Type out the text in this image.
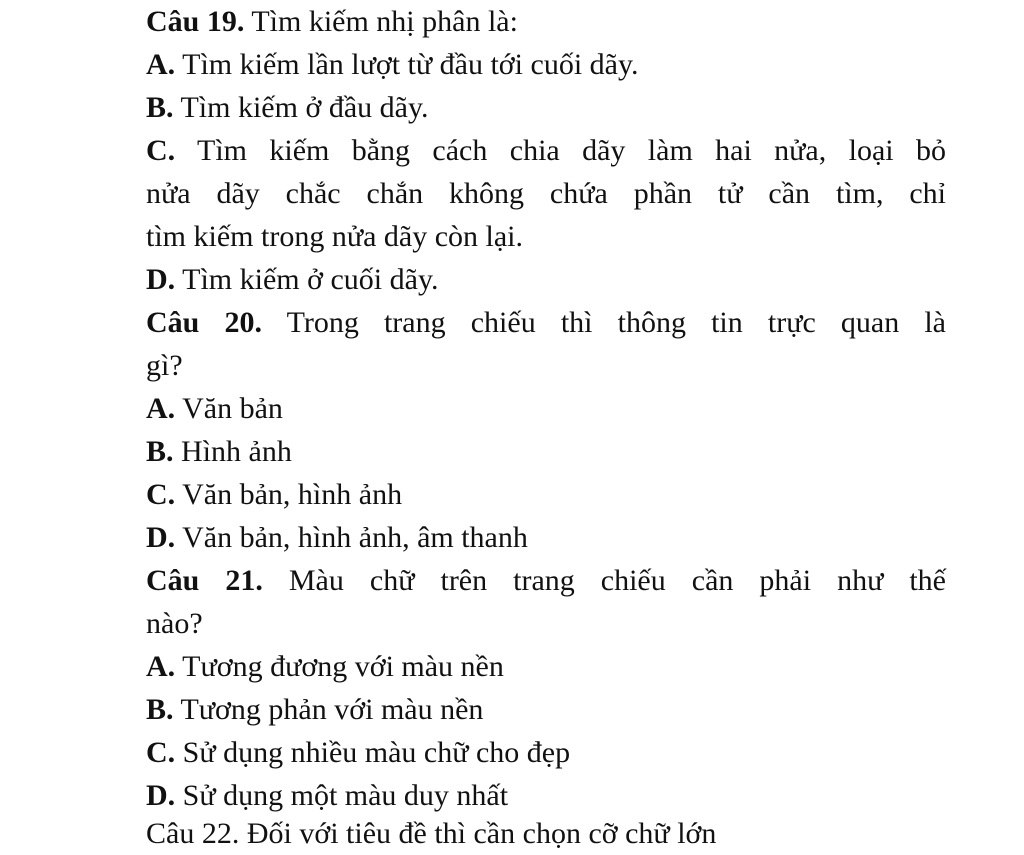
Câu 19. Tìm kiếm nhị phân là:
A. Tìm kiếm lần lượt từ đầu tới cuối dãy.
B. Tìm kiếm ở đầu dãy.
C. Tìm kiếm bằng cách chia dãy làm hai nửa, loại bỏ
nửa dãy chắc chắn không chứa phần tử cần tìm, chỉ
tìm kiếm trong nửa dãy còn lại.
D. Tìm kiếm ở cuối dãy.
Câu 20. Trong trang chiếu thì thông tin trực quan là
gì?
A. Văn bản
B. Hình ảnh
C. Văn bản, hình ảnh
D. Văn bản, hình ảnh, âm thanh
Câu 21. Màu chữ trên trang chiếu cần phải như thế
nào?
A. Tương đương với màu nền
B. Tương phản với màu nền
C. Sử dụng nhiều màu chữ cho đẹp
D. Sử dụng một màu duy nhất
Câu 22. Đối với tiêu đề thì cần chọn cỡ chữ lớn
